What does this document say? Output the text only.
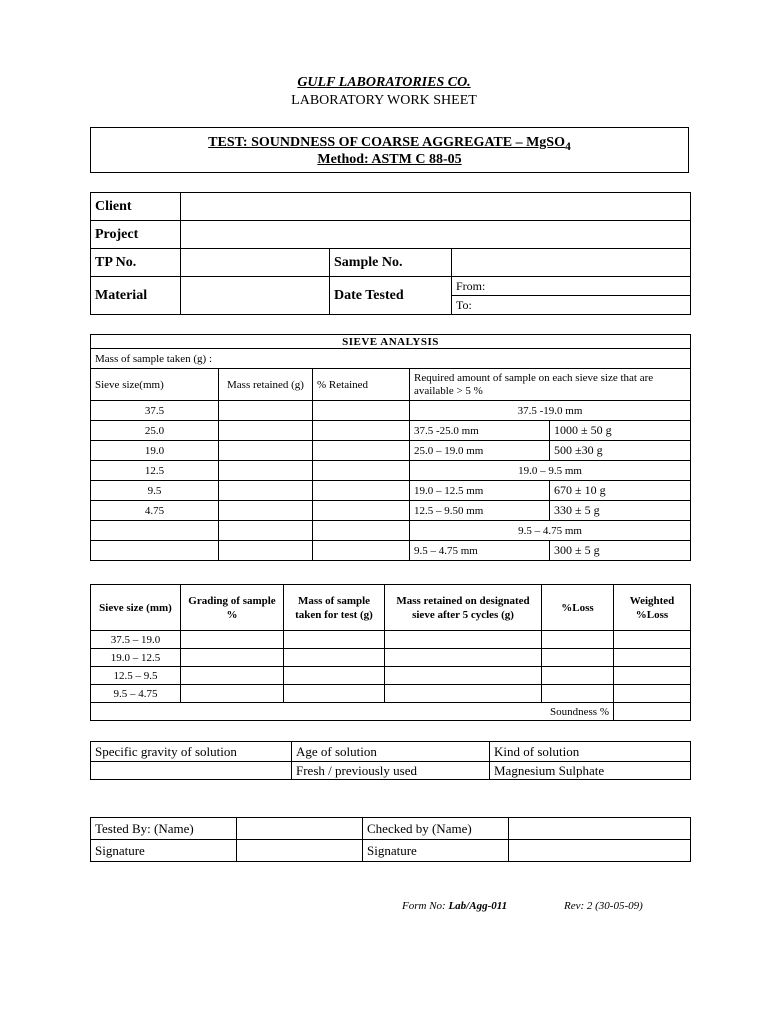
GULF LABORATORIES CO.
LABORATORY WORK SHEET
TEST: SOUNDNESS OF COARSE AGGREGATE – MgSO$_4$
Method: ASTM C 88-05
Client			
Project			
TP No.		Sample No.	
Material		Date Tested	From:
			To:
SIEVE ANALYSIS				
Mass of sample taken (g) :				
Sieve size(mm)	Mass retained (g)	% Retained	Required amount of sample on each sieve size that are available > 5 %	
37.5			37.5 -19.0 mm	
25.0			37.5 -25.0 mm	1000 ± 50 g
19.0			25.0 – 19.0 mm	500 ±30 g
12.5			19.0 – 9.5 mm	
9.5			19.0 – 12.5 mm	670 ± 10 g
4.75			12.5 – 9.50 mm	330 ± 5 g
			9.5 – 4.75 mm	
			9.5 – 4.75 mm	300 ± 5 g
Sieve size (mm)	Grading of sample %	Mass of sample taken for test (g)	Mass retained on designated sieve after 5 cycles (g)	%Loss	Weighted %Loss
37.5 – 19.0					
19.0 – 12.5					
12.5 – 9.5					
9.5 – 4.75					
Soundness %					
Specific gravity of solution	Age of solution	Kind of solution
	Fresh / previously used	Magnesium Sulphate
Tested By: (Name)		Checked by (Name)	
Signature		Signature	
Form No: Lab/Agg-011	Rev: 2 (30-05-09)
